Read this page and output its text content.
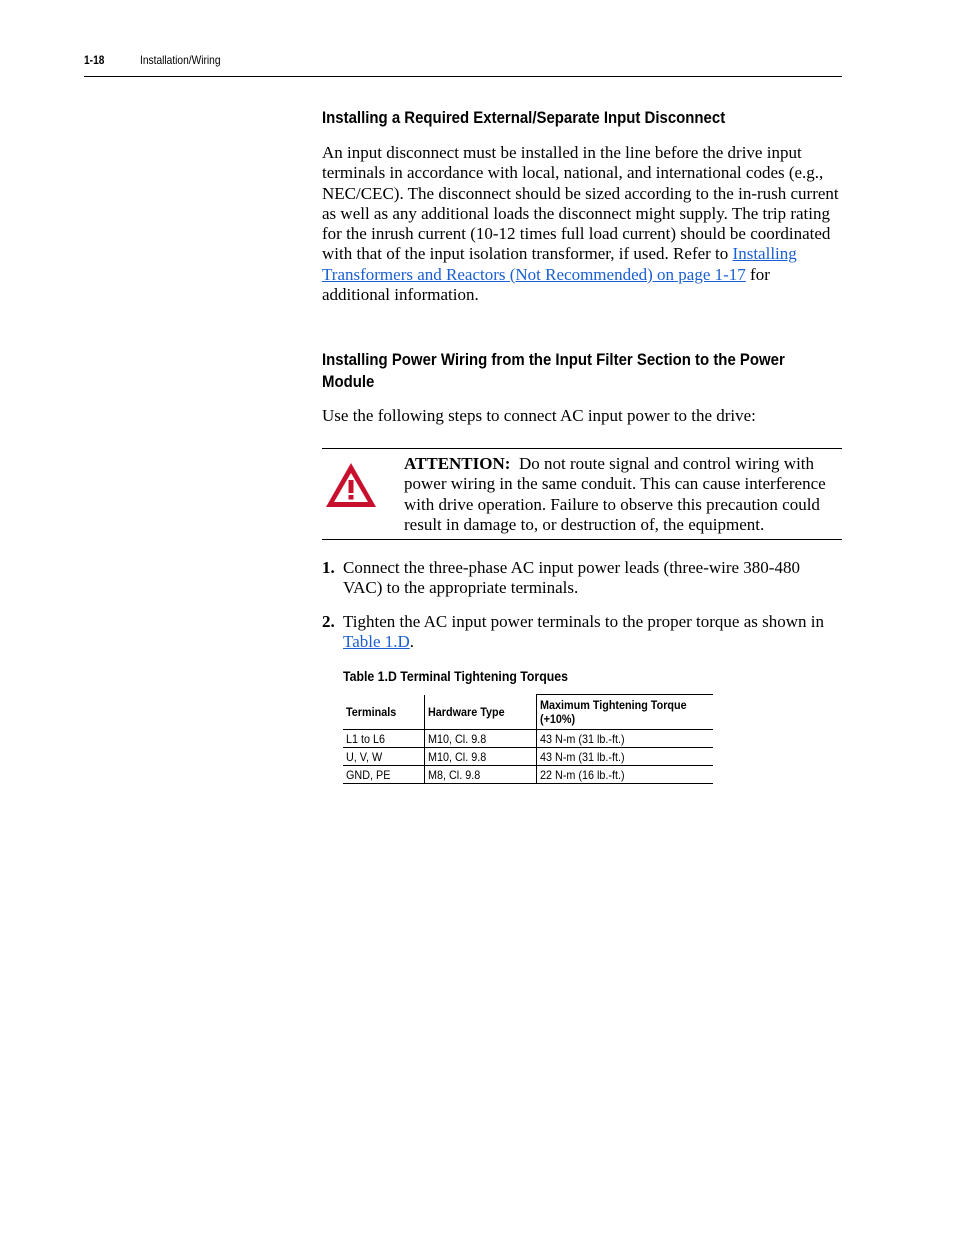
1-18	Installation/Wiring
Installing a Required External/Separate Input Disconnect
An input disconnect must be installed in the line before the drive input terminals in accordance with local, national, and international codes (e.g., NEC/CEC). The disconnect should be sized according to the in-rush current as well as any additional loads the disconnect might supply. The trip rating for the inrush current (10-12 times full load current) should be coordinated with that of the input isolation transformer, if used. Refer to Installing Transformers and Reactors (Not Recommended) on page 1-17 for additional information.
Installing Power Wiring from the Input Filter Section to the Power Module
Use the following steps to connect AC input power to the drive:
ATTENTION: Do not route signal and control wiring with power wiring in the same conduit. This can cause interference with drive operation. Failure to observe this precaution could result in damage to, or destruction of, the equipment.
1. Connect the three-phase AC input power leads (three-wire 380-480 VAC) to the appropriate terminals.
2. Tighten the AC input power terminals to the proper torque as shown in Table 1.D.
Table 1.D Terminal Tightening Torques
Terminals	Hardware Type	Maximum Tightening Torque (+10%)
L1 to L6	M10, Cl. 9.8	43 N-m (31 lb.-ft.)
U, V, W	M10, Cl. 9.8	43 N-m (31 lb.-ft.)
GND, PE	M8, Cl. 9.8	22 N-m (16 lb.-ft.)
